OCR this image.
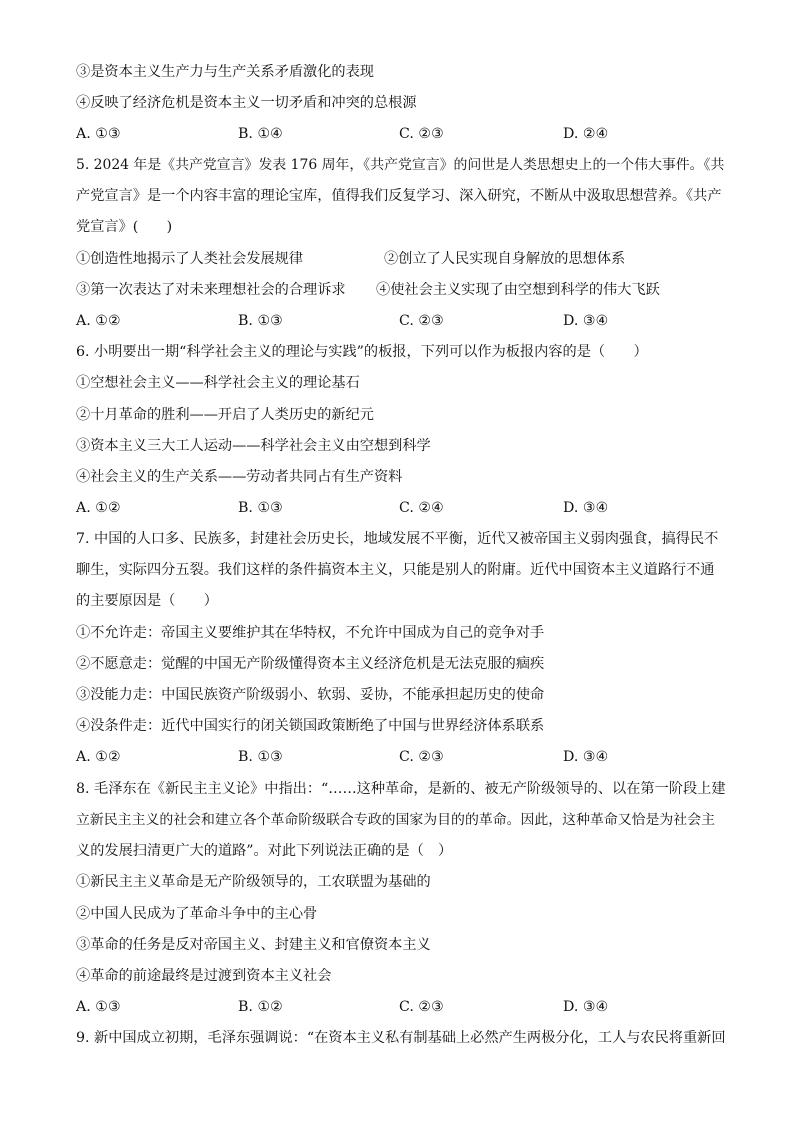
③是资本主义生产力与生产关系矛盾激化的表现
④反映了经济危机是资本主义一切矛盾和冲突的总根源
A. ①③	B. ①④	C. ②③	D. ②④
5. 2024 年是《共产党宣言》发表 176 周年，《共产党宣言》的问世是人类思想史上的一个伟大事件。《共
产党宣言》是一个内容丰富的理论宝库，值得我们反复学习、深入研究，不断从中汲取思想营养。《共产
党宣言》(　　)
①创造性地揭示了人类社会发展规律	②创立了人民实现自身解放的思想体系
③第一次表达了对未来理想社会的合理诉求 ④使社会主义实现了由空想到科学的伟大飞跃
A. ①②	B. ①③	C. ②③	D. ③④
6. 小明要出一期“科学社会主义的理论与实践”的板报，下列可以作为板报内容的是（　　）
①空想社会主义——科学社会主义的理论基石
②十月革命的胜利——开启了人类历史的新纪元
③资本主义三大工人运动——科学社会主义由空想到科学
④社会主义的生产关系——劳动者共同占有生产资料
A. ①②	B. ①③	C. ②④	D. ③④
7. 中国的人口多、民族多，封建社会历史长，地域发展不平衡，近代又被帝国主义弱肉强食，搞得民不
聊生，实际四分五裂。我们这样的条件搞资本主义，只能是别人的附庸。近代中国资本主义道路行不通
的主要原因是（　　）
①不允许走：帝国主义要维护其在华特权，不允许中国成为自己的竞争对手
②不愿意走：觉醒的中国无产阶级懂得资本主义经济危机是无法克服的痼疾
③没能力走：中国民族资产阶级弱小、软弱、妥协，不能承担起历史的使命
④没条件走：近代中国实行的闭关锁国政策断绝了中国与世界经济体系联系
A. ①②	B. ①③	C. ②③	D. ③④
8. 毛泽东在《新民主主义论》中指出：“……这种革命，是新的、被无产阶级领导的、以在第一阶段上建
立新民主主义的社会和建立各个革命阶级联合专政的国家为目的的革命。因此，这种革命又恰是为社会主
义的发展扫清更广大的道路”。对此下列说法正确的是（　）
①新民主主义革命是无产阶级领导的，工农联盟为基础的
②中国人民成为了革命斗争中的主心骨
③革命的任务是反对帝国主义、封建主义和官僚资本主义
④革命的前途最终是过渡到资本主义社会
A. ①③	B. ①②	C. ②③	D. ③④
9. 新中国成立初期，毛泽东强调说：“在资本主义私有制基础上必然产生两极分化，工人与农民将重新回
